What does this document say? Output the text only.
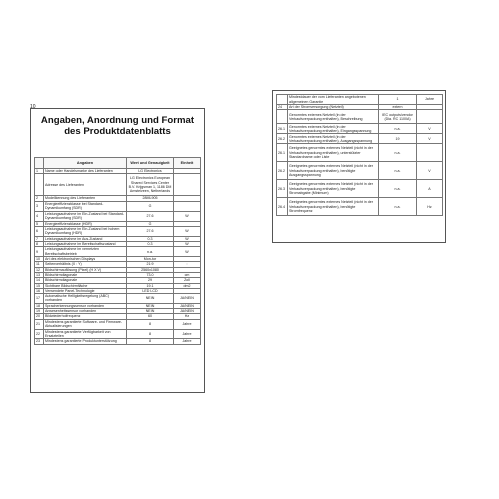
10
Angaben, Anordnung und Format des Produktdatenblatts
	Angaben	Wert und Genauigkeit	Einheit
1	Name oder Handelsmarke des Lieferanten	LG Electronics	
	Adresse des Lieferanten	LG Electronics European Shared Services Center B.V. Krijgsman 1, 1186 DM Amstelveen, Netherlands	
2	Modellkennung des Lieferanten	28ML905	
3	Energieeffizienzklasse bei Standard-Dynamikumfang (SDR)	G	
4	Leistungsaufnahme im Ein-Zustand bei Standard-Dynamikumfang (SDR)	27.6	W
5	Energieeffizienzklasse (HDR)	G	
6	Leistungsaufnahme im Ein-Zustand bei hohem Dynamikumfang (HDR)	27.6	W
7	Leistungsaufnahme im Aus-Zustand	0.3	W
8	Leistungsaufnahme im Bereitschaftszustand	0.3	W
9	Leistungsaufnahme im vernetzten Bereitschaftsbetrieb	n.a.	W
10	Art des elektronischen Displays	Mon-tor	
11	Seitenverhältnis (X : Y)	21:9	:
12	Bildschirmauflösung (Pixel) (H X V)	2560x1080	
13	Bildschirmdiagonale	73.0	cm
14	Bildschirmdiagonale	29	Zoll
15	Sichtbare Bildschirmfläche	19.1	dm2
16	Verwendete Panel-Technologie	LED LCD	
17	Automatische Helligkeitsregelung (ABC) vorhanden	NEIN	JA/NEIN
18	Spracherkennungssensor vorhanden	NEIN	JA/NEIN
19	Anwesenheitssensor vorhanden	NEIN	JA/NEIN
20	Bildwiederholfrequenz	60	Hz
21	Mindestens garantierte Software- und Firmware-Aktualisierungen	8	Jahre
22	Mindestens garantierte Verfügbarkeit von Ersatzteilen	8	Jahre
23	Mindestens garantierte Produktunterstützung	8	Jahre
	Mindestdauer der vom Lieferanten angebotenen allgemeinen Garantie	1	Jahre
24	Art der Stromversorgung (Netzteil)	extern	
	Genormtes externes Netzteil (in der Verkaufsverpackung enthalten), Beschreibung	IEC outputs/vendor (Dia. RC 1100A)	
26.1	Genormtes externes Netzteil (in der Verkaufsverpackung enthalten), Eingangsspannung	n.a.	V
26.2	Genormtes externes Netzteil (in der Verkaufsverpackung enthalten), Ausgangsspannung	19	V
26.1	Geeignetes genormtes externes Netzteil (nicht in der Verkaufsverpackung enthalten), unterstützter Standardname oder Liste	n.a.	
26.2	Geeignetes genormtes externes Netzteil (nicht in der Verkaufsverpackung enthalten), benötigte Ausgangsspannung	n.a.	V
26.3	Geeignetes genormtes externes Netzteil (nicht in der Verkaufsverpackung enthalten), benötigte Stromabgabe (Minimum)	n.a.	A
26.4	Geeignetes genormtes externes Netzteil (nicht in der Verkaufsverpackung enthalten), benötigte Stromfrequenz	n.a.	Hz
